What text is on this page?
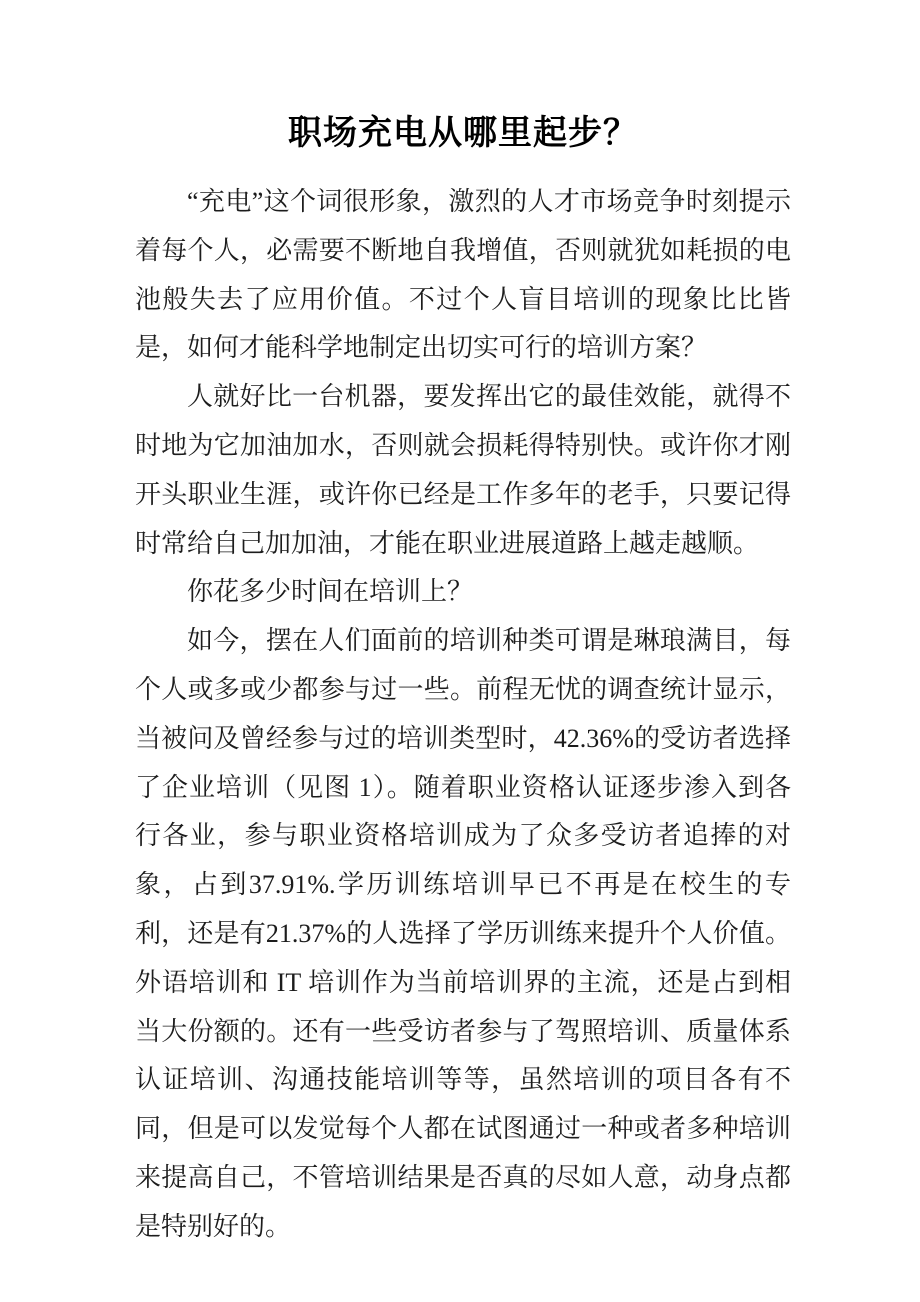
职场充电从哪里起步？

“充电”这个词很形象，激烈的人才市场竞争时刻提示着每个人，必需要不断地自我增值，否则就犹如耗损的电池般失去了应用价值。不过个人盲目培训的现象比比皆是，如何才能科学地制定出切实可行的培训方案？

人就好比一台机器，要发挥出它的最佳效能，就得不时地为它加油加水，否则就会损耗得特别快。或许你才刚开头职业生涯，或许你已经是工作多年的老手，只要记得时常给自己加加油，才能在职业进展道路上越走越顺。

你花多少时间在培训上？

如今，摆在人们面前的培训种类可谓是琳琅满目，每个人或多或少都参与过一些。前程无忧的调查统计显示，当被问及曾经参与过的培训类型时，42.36%的受访者选择了企业培训（见图 1）。随着职业资格认证逐步渗入到各行各业，参与职业资格培训成为了众多受访者追捧的对象，占到37.91%.学历训练培训早已不再是在校生的专利，还是有21.37%的人选择了学历训练来提升个人价值。外语培训和 IT 培训作为当前培训界的主流，还是占到相当大份额的。还有一些受访者参与了驾照培训、质量体系认证培训、沟通技能培训等等，虽然培训的项目各有不同，但是可以发觉每个人都在试图通过一种或者多种培训来提高自己，不管培训结果是否真的尽如人意，动身点都是特别好的。
